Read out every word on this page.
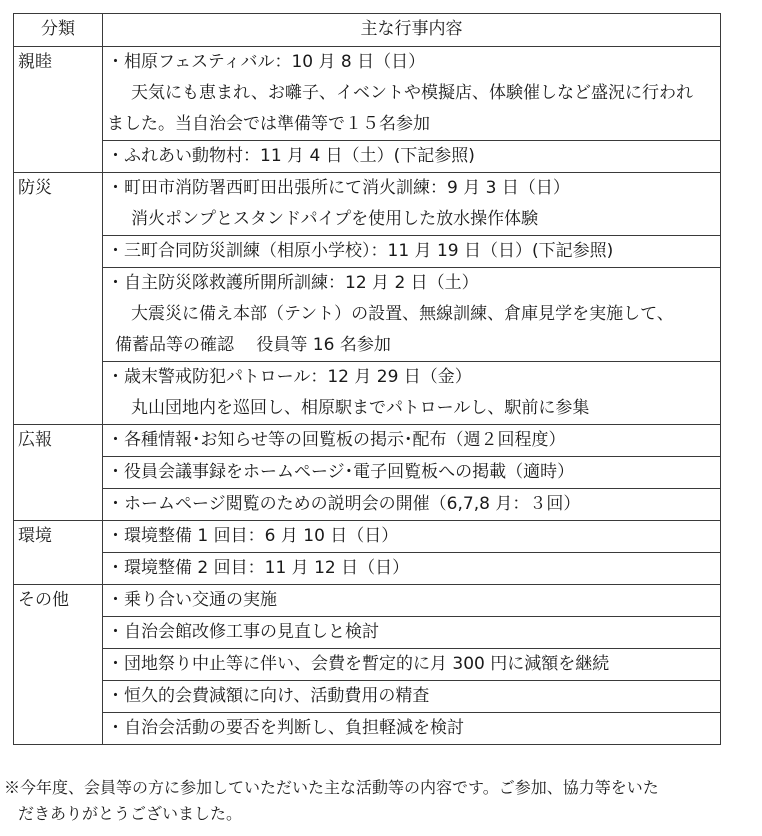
分類	主な行事内容
親睦	・相原フェスティバル：10 月 8 日（日）
天気にも恵まれ、お囃子、イベントや模擬店、体験催しなど盛況に行われ
ました。当自治会では準備等で１５名参加

	・ふれあい動物村：11 月 4 日（土）(下記参照)

防災	・町田市消防署西町田出張所にて消火訓練：9 月 3 日（日）
消火ポンプとスタンドパイプを使用した放水操作体験

	・三町合同防災訓練（相原小学校）：11 月 19 日（日）(下記参照)

	・自主防災隊救護所開所訓練：12 月 2 日（土）
大震災に備え本部（テント）の設置、無線訓練、倉庫見学を実施して、
備蓄品等の確認　 役員等 16 名参加

	・歳末警戒防犯パトロール：12 月 29 日（金）
丸山団地内を巡回し、相原駅までパトロールし、駅前に参集

広報	・各種情報･お知らせ等の回覧板の掲示･配布（週２回程度）

	・役員会議事録をホームページ･電子回覧板への掲載（適時）

	・ホームページ閲覧のための説明会の開催（6,7,8 月：３回）

環境	・環境整備 1 回目：6 月 10 日（日）

	・環境整備 2 回目：11 月 12 日（日）

その他	・乗り合い交通の実施

	・自治会館改修工事の見直しと検討

	・団地祭り中止等に伴い、会費を暫定的に月 300 円に減額を継続

	・恒久的会費減額に向け、活動費用の精査

	・自治会活動の要否を判断し、負担軽減を検討
※今年度、会員等の方に参加していただいた主な活動等の内容です。ご参加、協力等をいた
だきありがとうございました。
